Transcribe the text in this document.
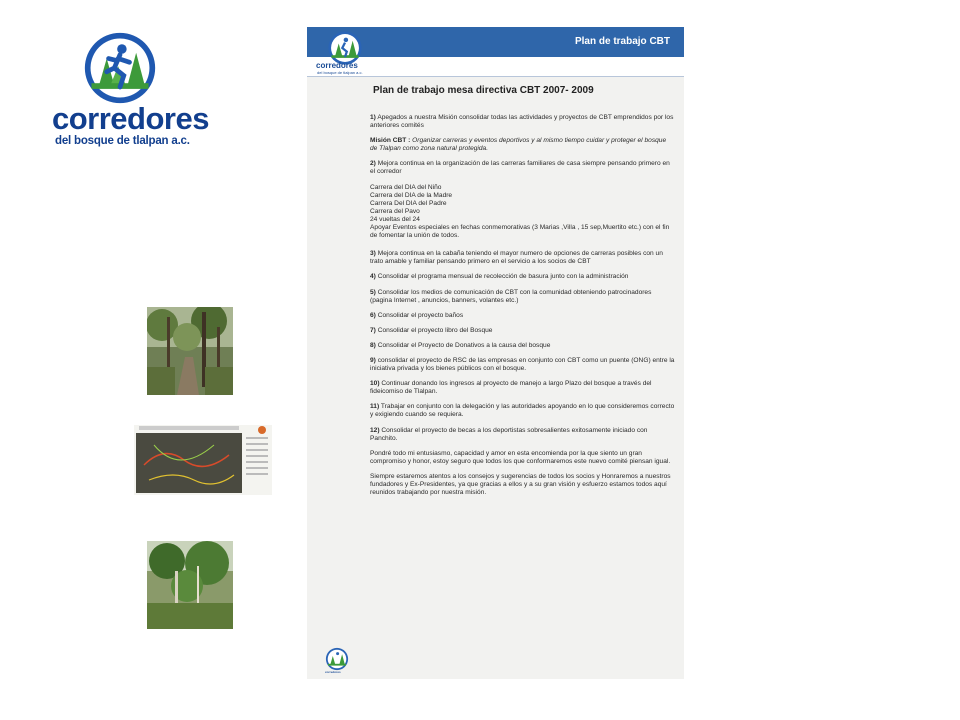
corredores
del bosque de tlalpan a.c.
Plan de trabajo CBT
corredores
del bosque de tlalpan a.c.
Plan de trabajo mesa directiva CBT 2007- 2009

1) Apegados a nuestra Misión consolidar todas las actividades y proyectos de CBT emprendidos por los anteriores comités

Misión CBT : Organizar carreras y eventos deportivos y al mismo tiempo cuidar y proteger el bosque de Tlalpan como zona natural protegida.

2) Mejora continua en la organización de las carreras familiares de casa siempre pensando primero en el corredor

Carrera del DIA del Niño
Carrera del DIA de la Madre
Carrera Del DIA del Padre
Carrera del Pavo
24 vueltas del 24
Apoyar Eventos especiales en fechas conmemorativas (3 Marias ,Villa , 15 sep,Muertito etc.) con el fin de fomentar la unión de todos.

3) Mejora continua en la cabaña teniendo el mayor numero de opciones de carreras posibles con un trato amable y familiar pensando primero en el servicio a los socios de CBT

4) Consolidar el programa mensual de recolección de basura junto con la administración

5) Consolidar los medios de comunicación de CBT con la comunidad obteniendo patrocinadores (pagina Internet , anuncios, banners, volantes etc.)

6) Consolidar el proyecto baños

7) Consolidar el proyecto libro del Bosque

8) Consolidar el Proyecto de Donativos a la causa del bosque

9) consolidar el proyecto de RSC de las empresas en conjunto con CBT como un puente (ONG) entre la iniciativa privada y los bienes públicos con el bosque.

10) Continuar donando los ingresos al proyecto de manejo a largo Plazo del bosque a través del fideicomiso de Tlalpan.

11) Trabajar en conjunto con la delegación y las autoridades apoyando en lo que consideremos correcto y exigiendo cuando se requiera.

12) Consolidar el proyecto de becas a los deportistas sobresalientes exitosamente iniciado con Panchito.

Pondré todo mi entusiasmo, capacidad y amor en esta encomienda por la que siento un gran compromiso y honor, estoy seguro que todos los que conformaremos este nuevo comité piensan igual.

Siempre estaremos atentos a los consejos y sugerencias de todos los socios y Honraremos a nuestros fundadores y Ex-Presidentes, ya que gracias a ellos y a su gran visión y esfuerzo estamos todos aquí reunidos trabajando por nuestra misión.

corredores
